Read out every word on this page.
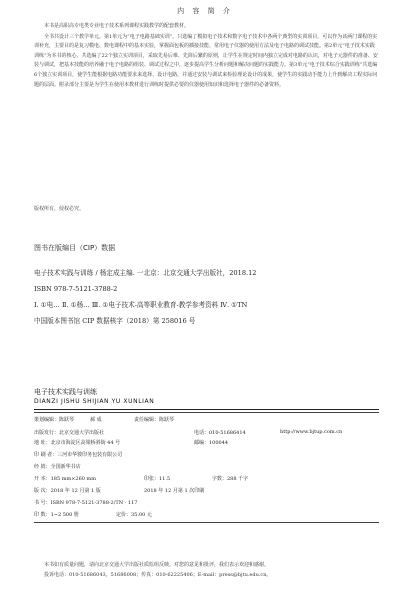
内 容 简 介

本书是高职高专电类专业电子技术系列课程实践教学的配套教材。

全书共设计三个教学单元。第1单元为“电子电路基础实训”，只选编了模拟电子技术和数字电子技术中各两个典型的实训项目，可以作为该两门课程的实训补充，主要目的是复习模电、数电课程中的基本实验，掌握面包板的插接技能、常用电子仪器的使用方法及电子电路的调试技能。第2单元“电子技术实践训练”为本书的核心，共选编了22个独立实训项目，采取先易后难、先简后繁的原则，让学生在规定时间内独立完成对电路的认识，对电子元器件的准备、安装与调试，把基本技能的培养融于电子电路的组装、调试过程之中，逐步提高学生分析问题和解决问题的实践能力。第3单元“电子技术综合实践训练”共选编6个独立实训项目，使学生能根据电路功能要求来选择、设计电路，并通过安装与调试来检验理论设计的成果，使学生的实践动手能力上升到解决工程实际问题的层面。附录部分主要是为学生在使用本教材进行训练时提供必要的仪器使用知识和选择电子器件的必备资料。

版权所有，侵权必究。
图书在版编目（CIP）数据
电子技术实践与训练 / 杨定成主编. 一北京：北京交通大学出版社，2018.12
ISBN 978-7-5121-3788-2
Ⅰ. ①电… Ⅱ. ①杨… Ⅲ. ①电子技术-高等职业教育-教学参考资料 Ⅳ. ①TN
中国版本图书馆 CIP 数据核字（2018）第 258016 号
电子技术实践与训练
DIANZI JISHU SHIJIAN YU XUNLIAN
策划编辑：陈跃琴	郝 成	责任编辑：陈跃琴
出版发行：北京交通大学出版社	电话：010-51686414	http://www.bjtup.com.cn
地 址：北京市海淀区高梁桥斜街 44 号	邮编：100044
印 刷 者：三河市华骏印务包装有限公司
经 销：全国新华书店
开 本：185 mm×260 mm	印张：11.5	字数：288 千字
版 次：2018 年 12 月第 1 版	2018 年 12 月第 1 次印刷
书 号：ISBN 978-7-5121-3788-2/TN · 117
印 数：1~2 500 册	定价：35.00 元

本书如有质量问题，请向北京交通大学出版社质监组反映。对您的意见和批评，我们表示欢迎和感谢。

投诉电话：010-51686043，51686008；传真：010-62225406；E-mail：press@bjtu.edu.cn。
